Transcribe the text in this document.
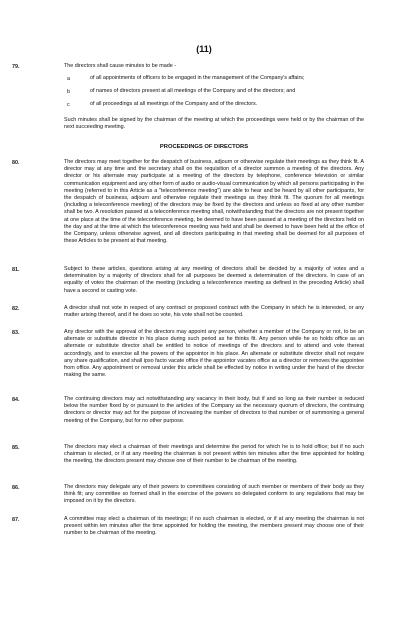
(11)
79.	The directors shall cause minutes to be made -
a	of all appointments of officers to be engaged in the management of the Company's affairs;
b	of names of directors present at all meetings of the Company and of the directors; and
c	of all proceedings at all meetings of the Company and of the directors.
Such minutes shall be signed by the chairman of the meeting at which the proceedings were held or by the chairman of the next succeeding meeting.
PROCEEDINGS OF DIRECTORS
80.	The directors may meet together for the despatch of business, adjourn or otherwise regulate their meetings as they think fit. A director may at any time and the secretary shall on the requisition of a director summon a meeting of the directors. Any director or his alternate may participate at a meeting of the directors by telephone, conference television or similar communication equipment and any other form of audio or audio-visual communication by which all persons participating in the meeting (referred to in this Article as a "teleconference meeting") are able to hear and be heard by all other participants, for the despatch of business, adjourn and otherwise regulate their meetings as they think fit. The quorum for all meetings (including a teleconference meeting) of the directors may be fixed by the directors and unless so fixed at any other number shall be two. A resolution passed at a teleconference meeting shall, notwithstanding that the directors are not present together at one place at the time of the teleconference meeting, be deemed to have been passed at a meeting of the directors held on the day and at the time at which the teleconference meeting was held and shall be deemed to have been held at the office of the Company, unless otherwise agreed, and all directors participating in that meeting shall be deemed for all purposes of these Articles to be present at that meeting.
81.	Subject to these articles, questions arising at any meeting of directors shall be decided by a majority of votes and a determination by a majority of directors shall for all purposes be deemed a determination of the directors. In case of an equality of votes the chairman of the meeting (including a teleconference meeting as defined in the preceding Article) shall have a second or casting vote.
82.	A director shall not vote in respect of any contract or proposed contract with the Company in which he is interested, or any matter arising thereof, and if he does so vote, his vote shall not be counted.
83.	Any director with the approval of the directors may appoint any person, whether a member of the Company or not, to be an alternate or substitute director in his place during such period as he thinks fit. Any person while he so holds office as an alternate or substitute director shall be entitled to notice of meetings of the directors and to attend and vote thereat accordingly, and to exercise all the powers of the appointor in his place. An alternate or substitute director shall not require any share qualification, and shall ipso facto vacate office if the appointor vacates office as a director or removes the appointee from office. Any appointment or removal under this article shall be effected by notice in writing under the hand of the director making the same.
84.	The continuing directors may act notwithstanding any vacancy in their body, but if and so long as their number is reduced below the number fixed by or pursuant to the articles of the Company as the necessary quorum of directors, the continuing directors or director may act for the purpose of increasing the number of directors to that number or of summoning a general meeting of the Company, but for no other purpose.
85.	The directors may elect a chairman of their meetings and determine the period for which he is to hold office; but if no such chairman is elected, or if at any meeting the chairman is not present within ten minutes after the time appointed for holding the meeting, the directors present may choose one of their number to be chairman of the meeting.
86.	The directors may delegate any of their powers to committees consisting of such member or members of their body as they think fit; any committee so formed shall in the exercise of the powers so delegated conform to any regulations that may be imposed on it by the directors.
87.	A committee may elect a chairman of its meetings; if no such chairman is elected, or if at any meeting the chairman is not present within ten minutes after the time appointed for holding the meeting, the members present may choose one of their number to be chairman of the meeting.
